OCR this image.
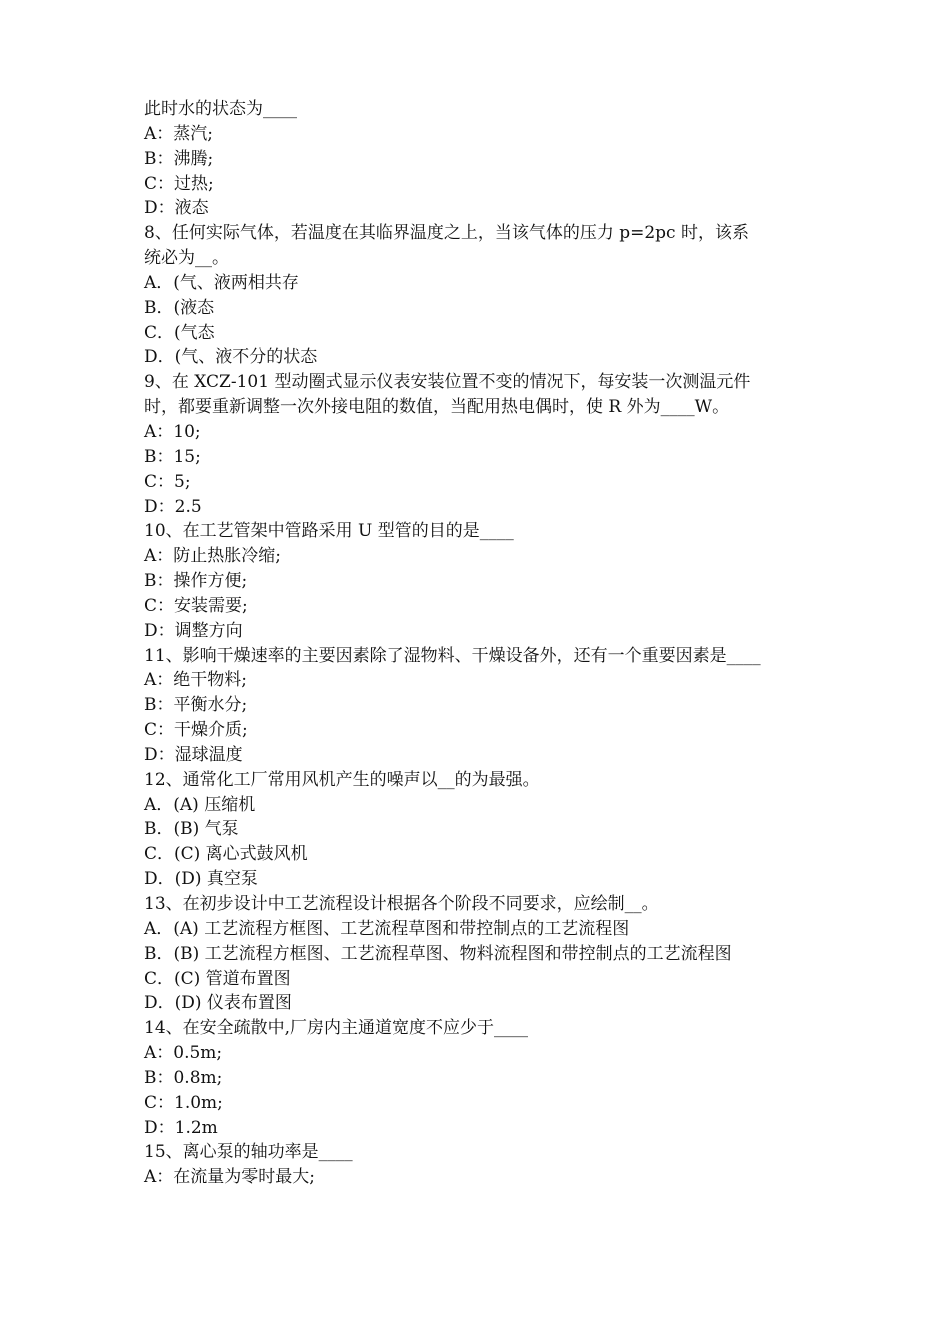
此时水的状态为____
A：蒸汽;
B：沸腾;
C：过热;
D：液态
8、任何实际气体，若温度在其临界温度之上，当该气体的压力 p=2pc 时，该系
统必为__。
A．(气、液两相共存
B．(液态
C．(气态
D．(气、液不分的状态
9、在 XCZ-101 型动圈式显示仪表安装位置不变的情况下，每安装一次测温元件
时，都要重新调整一次外接电阻的数值，当配用热电偶时，使 R 外为____W。
A：10;
B：15;
C：5;
D：2.5
10、在工艺管架中管路采用 U 型管的目的是____
A：防止热胀冷缩;
B：操作方便;
C：安装需要;
D：调整方向
11、影响干燥速率的主要因素除了湿物料、干燥设备外，还有一个重要因素是____
A：绝干物料;
B：平衡水分;
C：干燥介质;
D：湿球温度
12、通常化工厂常用风机产生的噪声以__的为最强。
A．(A) 压缩机
B．(B) 气泵
C．(C) 离心式鼓风机
D．(D) 真空泵
13、在初步设计中工艺流程设计根据各个阶段不同要求，应绘制__。
A．(A) 工艺流程方框图、工艺流程草图和带控制点的工艺流程图
B．(B) 工艺流程方框图、工艺流程草图、物料流程图和带控制点的工艺流程图
C．(C) 管道布置图
D．(D) 仪表布置图
14、在安全疏散中,厂房内主通道宽度不应少于____
A：0.5m;
B：0.8m;
C：1.0m;
D：1.2m
15、离心泵的轴功率是____
A：在流量为零时最大;
